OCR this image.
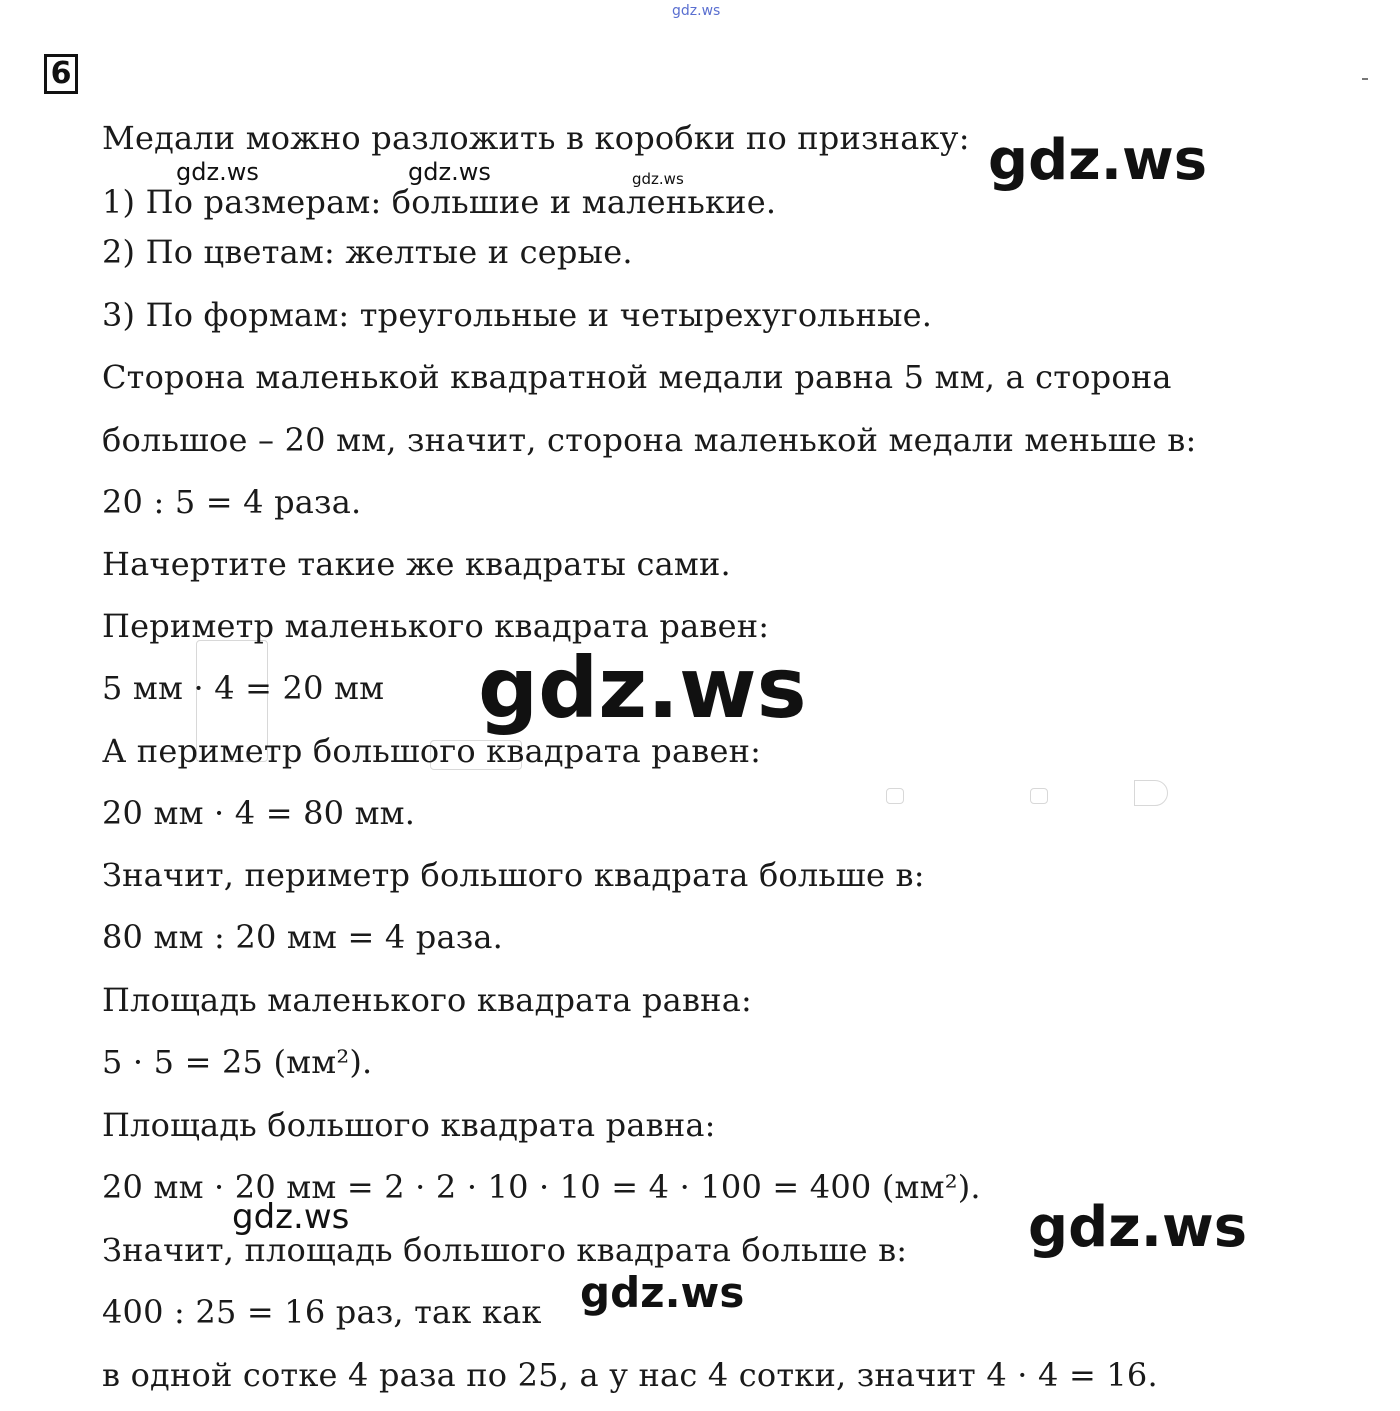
6
Медали можно разложить в коробки по признаку:
1) По размерам: большие и маленькие.
2) По цветам: желтые и серые.
3) По формам: треугольные и четырехугольные.
Сторона маленькой квадратной медали равна 5 мм, а сторона
большое – 20 мм, значит, сторона маленькой медали меньше в:
20 : 5 = 4 раза.
Начертите такие же квадраты сами.
Периметр маленького квадрата равен:
5 мм · 4 = 20 мм
А периметр большого квадрата равен:
20 мм · 4 = 80 мм.
Значит, периметр большого квадрата больше в:
80 мм : 20 мм = 4 раза.
Площадь маленького квадрата равна:
5 · 5 = 25 (мм²).
Площадь большого квадрата равна:
20 мм · 20 мм = 2 · 2 · 10 · 10 = 4 · 100 = 400 (мм²).
Значит, площадь большого квадрата больше в:
400 : 25 = 16 раз, так как
в одной сотке 4 раза по 25, а у нас 4 сотки, значит 4 · 4 = 16.
gdz.ws
gdz.ws
gdz.ws	gdz.ws	gdz.ws
gdz.ws
gdz.ws	gdz.ws
gdz.ws
